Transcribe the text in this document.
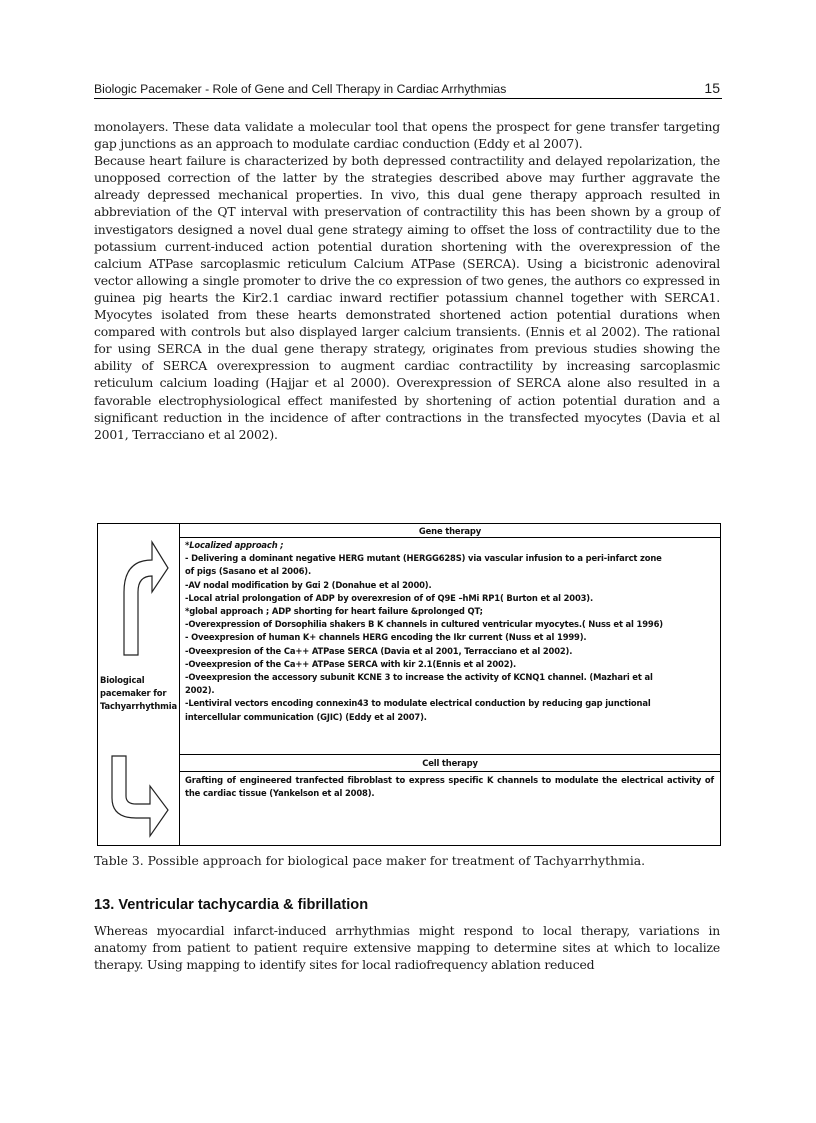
Biologic Pacemaker - Role of Gene and Cell Therapy in Cardiac Arrhythmias	15

monolayers. These data validate a molecular tool that opens the prospect for gene transfer targeting gap junctions as an approach to modulate cardiac conduction (Eddy et al 2007).

Because heart failure is characterized by both depressed contractility and delayed repolarization, the unopposed correction of the latter by the strategies described above may further aggravate the already depressed mechanical properties. In vivo, this dual gene therapy approach resulted in abbreviation of the QT interval with preservation of contractility this has been shown by a group of investigators designed a novel dual gene strategy aiming to offset the loss of contractility due to the potassium current-induced action potential duration shortening with the overexpression of the calcium ATPase sarcoplasmic reticulum Calcium ATPase (SERCA). Using a bicistronic adenoviral vector allowing a single promoter to drive the co expression of two genes, the authors co expressed in guinea pig hearts the Kir2.1 cardiac inward rectifier potassium channel together with SERCA1. Myocytes isolated from these hearts demonstrated shortened action potential durations when compared with controls but also displayed larger calcium transients. (Ennis et al 2002). The rational for using SERCA in the dual gene therapy strategy, originates from previous studies showing the ability of SERCA overexpression to augment cardiac contractility by increasing sarcoplasmic reticulum calcium loading (Hajjar et al 2000). Overexpression of SERCA alone also resulted in a favorable electrophysiological effect manifested by shortening of action potential duration and a significant reduction in the incidence of after contractions in the transfected myocytes (Davia et al 2001, Terracciano et al 2002).

Gene therapy
*Localized approach ;
- Delivering a dominant negative HERG mutant (HERGG628S) via vascular infusion to a peri-infarct zone
of pigs (Sasano et al 2006).
-AV nodal modification by Gαi 2 (Donahue et al 2000).
-Local atrial prolongation of ADP by overexresion of of Q9E –hMi RP1( Burton et al 2003).
*global approach ; ADP shorting for heart failure &prolonged QT;
-Overexpression of Dorsophilia shakers B K channels in cultured ventricular myocytes.( Nuss et al 1996)
- Oveexpresion of human K+ channels HERG encoding the Ikr current (Nuss et al 1999).
-Oveexpresion of the Ca++ ATPase SERCA (Davia et al 2001, Terracciano et al 2002).
-Oveexpresion of the Ca++ ATPase SERCA with kir 2.1(Ennis et al 2002).
-Oveexpresion the accessory subunit KCNE 3 to increase the activity of KCNQ1 channel. (Mazhari et al
2002).
-Lentiviral vectors encoding connexin43 to modulate electrical conduction by reducing gap junctional
intercellular communication (GJIC) (Eddy et al 2007).
Cell therapy
Grafting of engineered tranfected fibroblast to express specific K channels to modulate the electrical activity of the cardiac tissue (Yankelson et al 2008).
Biological pacemaker for Tachyarrhythmia
Table 3. Possible approach for biological pace maker for treatment of Tachyarrhythmia.
13. Ventricular tachycardia & fibrillation

Whereas myocardial infarct-induced arrhythmias might respond to local therapy, variations in anatomy from patient to patient require extensive mapping to determine sites at which to localize therapy. Using mapping to identify sites for local radiofrequency ablation reduced
